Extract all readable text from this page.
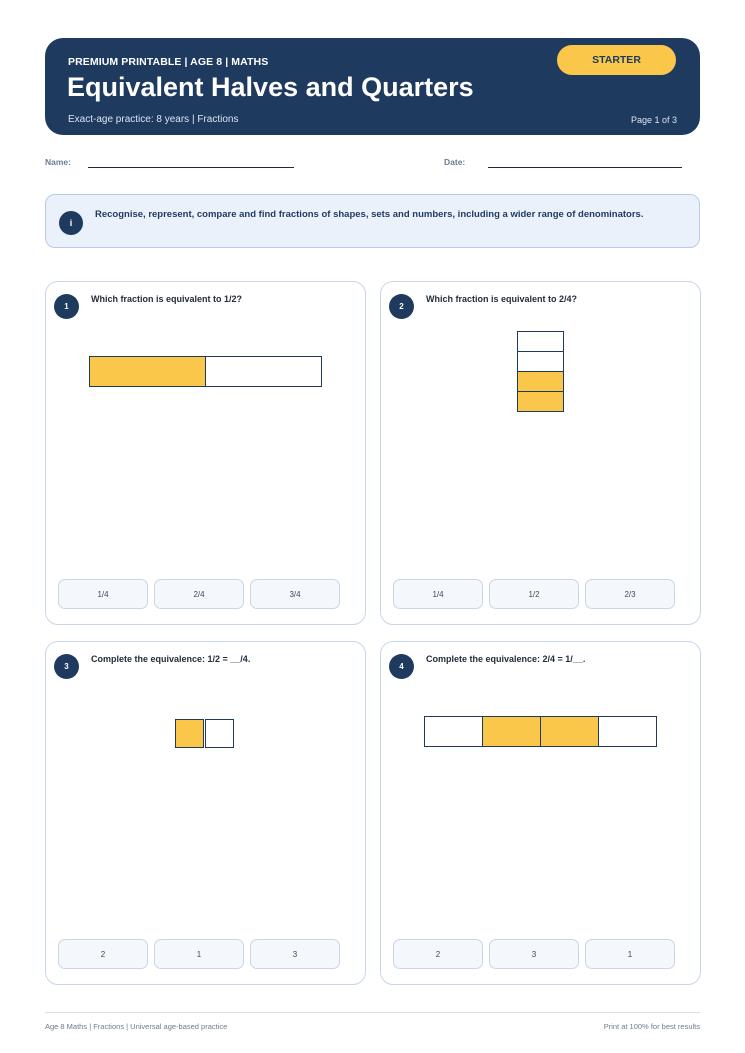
PREMIUM PRINTABLE | AGE 8 | MATHS
Equivalent Halves and Quarters
Exact-age practice: 8 years | Fractions	Page 1 of 3
STARTER
Name:	Date:
i
Recognise, represent, compare and find fractions of shapes, sets and numbers, including a wider range of denominators.
1
Which fraction is equivalent to 1/2?
1/4	2/4	3/4
2
Which fraction is equivalent to 2/4?
1/4	1/2	2/3
3
Complete the equivalence: 1/2 = __/4.
2	1	3
4
Complete the equivalence: 2/4 = 1/__.
2	3	1
Age 8 Maths | Fractions | Universal age-based practice	Print at 100% for best results
